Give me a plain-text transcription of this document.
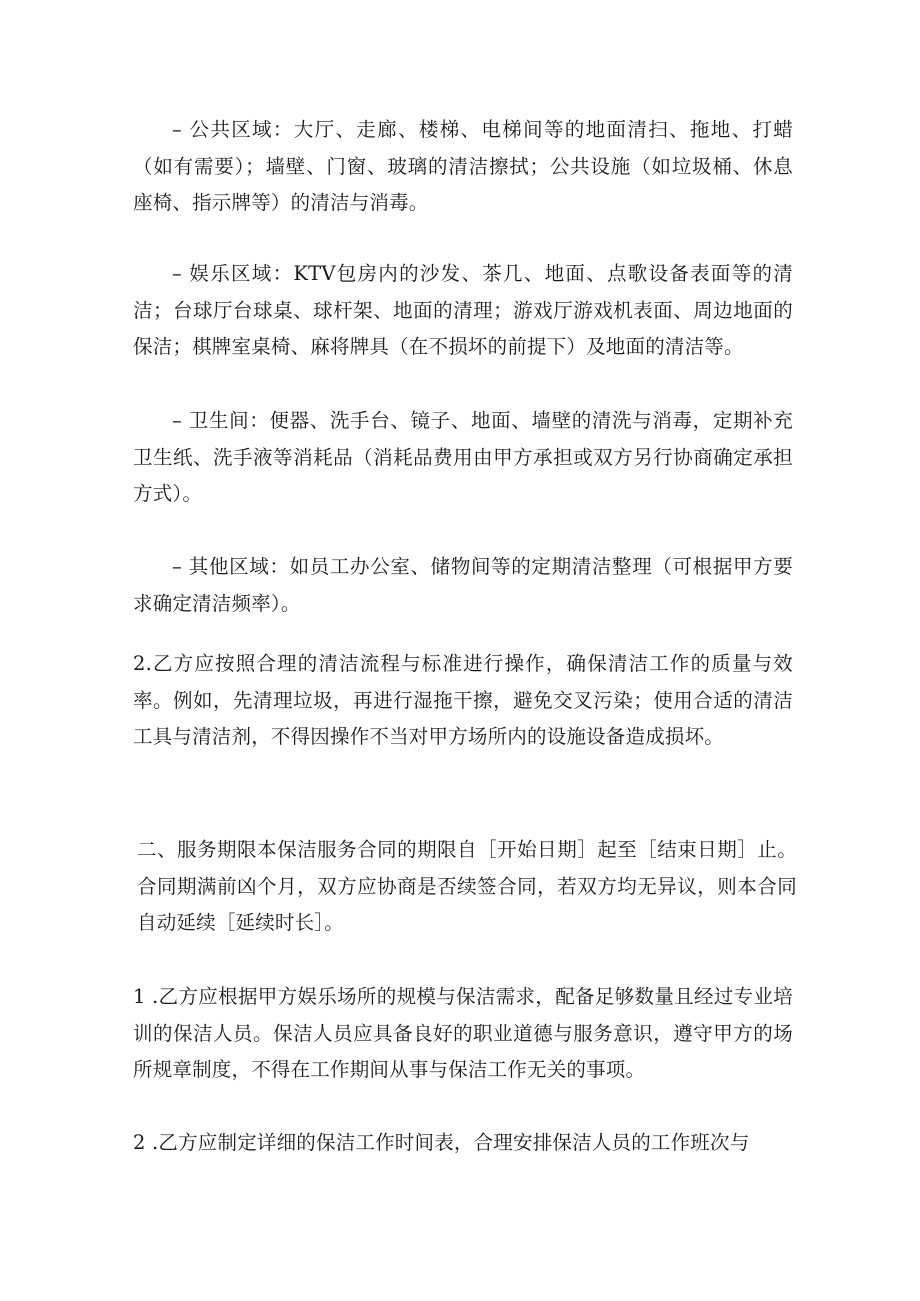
– 公共区域：大厅、走廊、楼梯、电梯间等的地面清扫、拖地、打蜡（如有需要）；墙壁、门窗、玻璃的清洁擦拭；公共设施（如垃圾桶、休息座椅、指示牌等）的清洁与消毒。

– 娱乐区域：KTV包房内的沙发、茶几、地面、点歌设备表面等的清洁；台球厅台球桌、球杆架、地面的清理；游戏厅游戏机表面、周边地面的保洁；棋牌室桌椅、麻将牌具（在不损坏的前提下）及地面的清洁等。

– 卫生间：便器、洗手台、镜子、地面、墙壁的清洗与消毒，定期补充卫生纸、洗手液等消耗品（消耗品费用由甲方承担或双方另行协商确定承担方式）。

– 其他区域：如员工办公室、储物间等的定期清洁整理（可根据甲方要求确定清洁频率）。

2.乙方应按照合理的清洁流程与标准进行操作，确保清洁工作的质量与效率。例如，先清理垃圾，再进行湿拖干擦，避免交叉污染；使用合适的清洁工具与清洁剂，不得因操作不当对甲方场所内的设施设备造成损坏。

二、服务期限本保洁服务合同的期限自［开始日期］起至［结束日期］止。合同期满前凶个月，双方应协商是否续签合同，若双方均无异议，则本合同自动延续［延续时长］。

1 .乙方应根据甲方娱乐场所的规模与保洁需求，配备足够数量且经过专业培训的保洁人员。保洁人员应具备良好的职业道德与服务意识，遵守甲方的场所规章制度，不得在工作期间从事与保洁工作无关的事项。

2 .乙方应制定详细的保洁工作时间表，合理安排保洁人员的工作班次与
